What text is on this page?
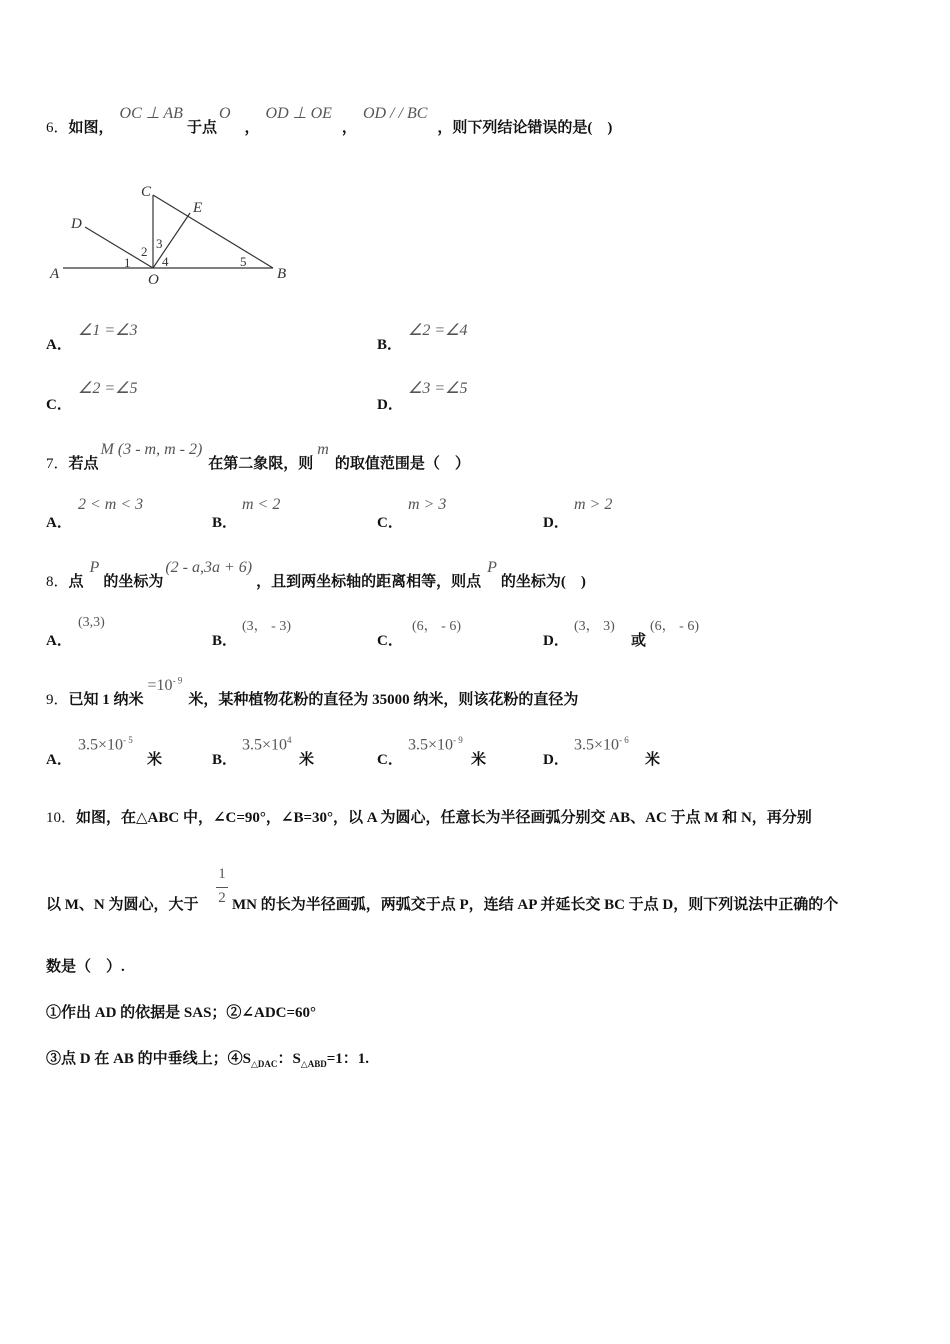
6．如图，OC ⊥ AB于点O，OD ⊥ OE，OD / / BC，则下列结论错误的是(　)
A	B
C
D
E
O
1
2
3
4	5
A．
∠1 =∠3
B．
∠2 =∠4
C．
∠2 =∠5
D．
∠3 =∠5
7．若点M (3 - m, m - 2)在第二象限，则m的取值范围是（　）
A．
2 < m < 3
B．
m < 2
C．
m > 3
D．
m > 2
8．点P的坐标为(2 - a,3a + 6)，且到两坐标轴的距离相等，则点P的坐标为(　)
A．
(3,3)
B．
(3， - 3)
C．
(6， - 6)
D．
(3， 3)
或
(6， - 6)
9．已知 1 纳米$=10^{- 9}$米，某种植物花粉的直径为 35000 纳米，则该花粉的直径为
A．
$3.5\times 10^{- 5}$
米	B．
$3.5\times 10^4$
米	C．
$3.5\times 10^{- 9}$
米	D．
$3.5\times 10^{- 6}$
米
10．如图，在△ABC 中，∠C=90°，∠B=30°，以 A 为圆心，任意长为半径画弧分别交 AB、AC 于点 M 和 N，再分别
1
2
以 M、N 为圆心，大于 MN 的长为半径画弧，两弧交于点 P，连结 AP 并延长交 BC 于点 D，则下列说法中正确的个
数是（　）.
①作出 AD 的依据是 SAS；②∠ADC=60°
③点 D 在 AB 的中垂线上；$④S_{\triangle DAC}$：$S_{\triangle ABD}=1$：1.
